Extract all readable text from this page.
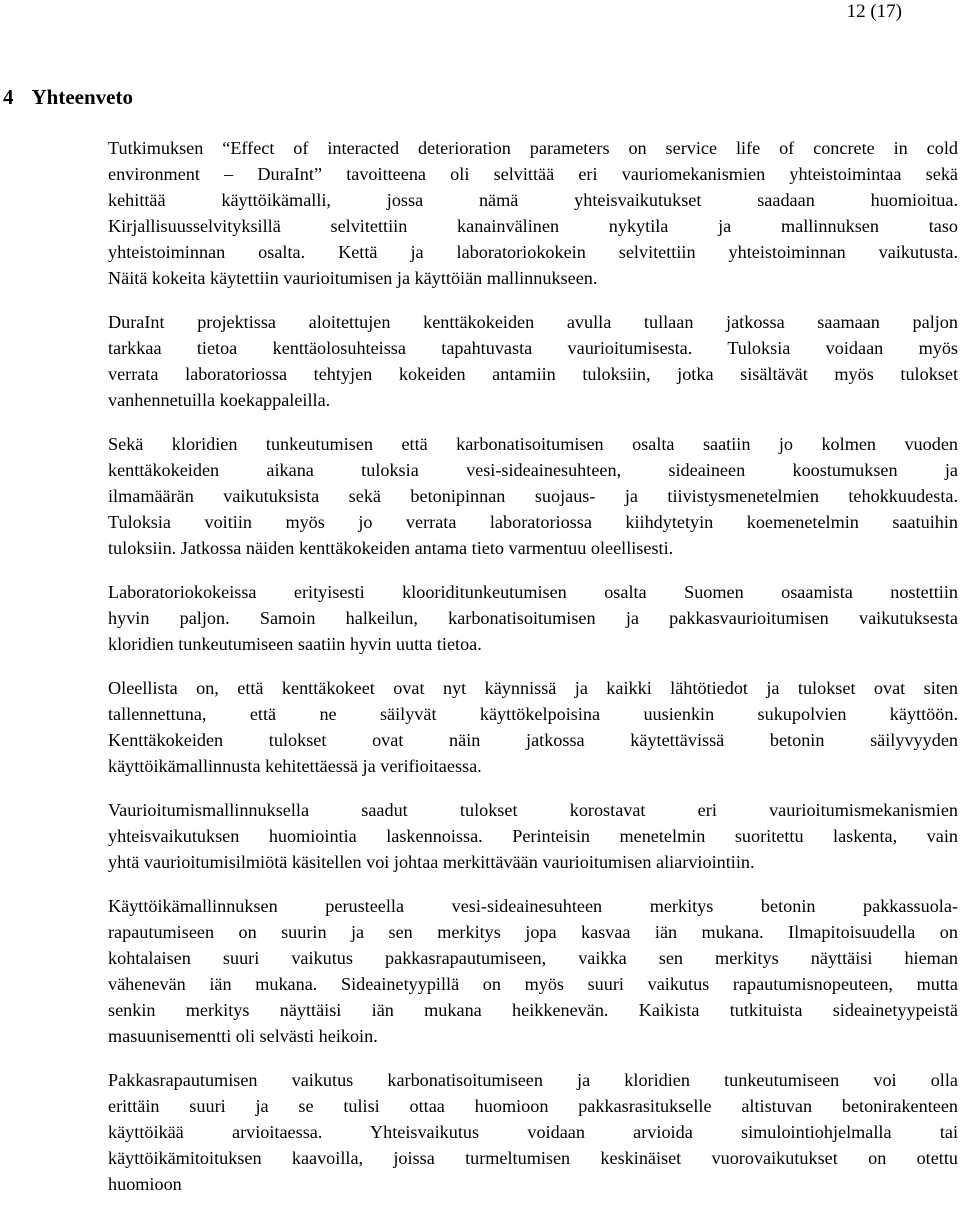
12 (17)
4 Yhteenveto

Tutkimuksen “Effect of interacted deterioration parameters on service life of concrete in cold
environment – DuraInt” tavoitteena oli selvittää eri vauriomekanismien yhteistoimintaa sekä
kehittää käyttöikämalli, jossa nämä yhteisvaikutukset saadaan huomioitua.
Kirjallisuusselvityksillä selvitettiin kanainvälinen nykytila ja mallinnuksen taso
yhteistoiminnan osalta. Kettä ja laboratoriokokein selvitettiin yhteistoiminnan vaikutusta.
Näitä kokeita käytettiin vaurioitumisen ja käyttöiän mallinnukseen.

DuraInt projektissa aloitettujen kenttäkokeiden avulla tullaan jatkossa saamaan paljon
tarkkaa tietoa kenttäolosuhteissa tapahtuvasta vaurioitumisesta. Tuloksia voidaan myös
verrata laboratoriossa tehtyjen kokeiden antamiin tuloksiin, jotka sisältävät myös tulokset
vanhennetuilla koekappaleilla.

Sekä kloridien tunkeutumisen että karbonatisoitumisen osalta saatiin jo kolmen vuoden
kenttäkokeiden aikana tuloksia vesi-sideainesuhteen, sideaineen koostumuksen ja
ilmamäärän vaikutuksista sekä betonipinnan suojaus- ja tiivistysmenetelmien tehokkuudesta.
Tuloksia voitiin myös jo verrata laboratoriossa kiihdytetyin koemenetelmin saatuihin
tuloksiin. Jatkossa näiden kenttäkokeiden antama tieto varmentuu oleellisesti.

Laboratoriokokeissa erityisesti klooriditunkeutumisen osalta Suomen osaamista nostettiin
hyvin paljon. Samoin halkeilun, karbonatisoitumisen ja pakkasvaurioitumisen vaikutuksesta
kloridien tunkeutumiseen saatiin hyvin uutta tietoa.

Oleellista on, että kenttäkokeet ovat nyt käynnissä ja kaikki lähtötiedot ja tulokset ovat siten
tallennettuna, että ne säilyvät käyttökelpoisina uusienkin sukupolvien käyttöön.
Kenttäkokeiden tulokset ovat näin jatkossa käytettävissä betonin säilyvyyden
käyttöikämallinnusta kehitettäessä ja verifioitaessa.

Vaurioitumismallinnuksella saadut tulokset korostavat eri vaurioitumismekanismien
yhteisvaikutuksen huomiointia laskennoissa. Perinteisin menetelmin suoritettu laskenta, vain
yhtä vaurioitumisilmiötä käsitellen voi johtaa merkittävään vaurioitumisen aliarviointiin.

Käyttöikämallinnuksen perusteella vesi-sideainesuhteen merkitys betonin pakkassuola-
rapautumiseen on suurin ja sen merkitys jopa kasvaa iän mukana. Ilmapitoisuudella on
kohtalaisen suuri vaikutus pakkasrapautumiseen, vaikka sen merkitys näyttäisi hieman
vähenevän iän mukana. Sideainetyypillä on myös suuri vaikutus rapautumisnopeuteen, mutta
senkin merkitys näyttäisi iän mukana heikkenevän. Kaikista tutkituista sideainetyypeistä
masuunisementti oli selvästi heikoin.

Pakkasrapautumisen vaikutus karbonatisoitumiseen ja kloridien tunkeutumiseen voi olla
erittäin suuri ja se tulisi ottaa huomioon pakkasrasitukselle altistuvan betonirakenteen
käyttöikää arvioitaessa. Yhteisvaikutus voidaan arvioida simulointiohjelmalla tai
käyttöikämitoituksen kaavoilla, joissa turmeltumisen keskinäiset vuorovaikutukset on otettu
huomioon
